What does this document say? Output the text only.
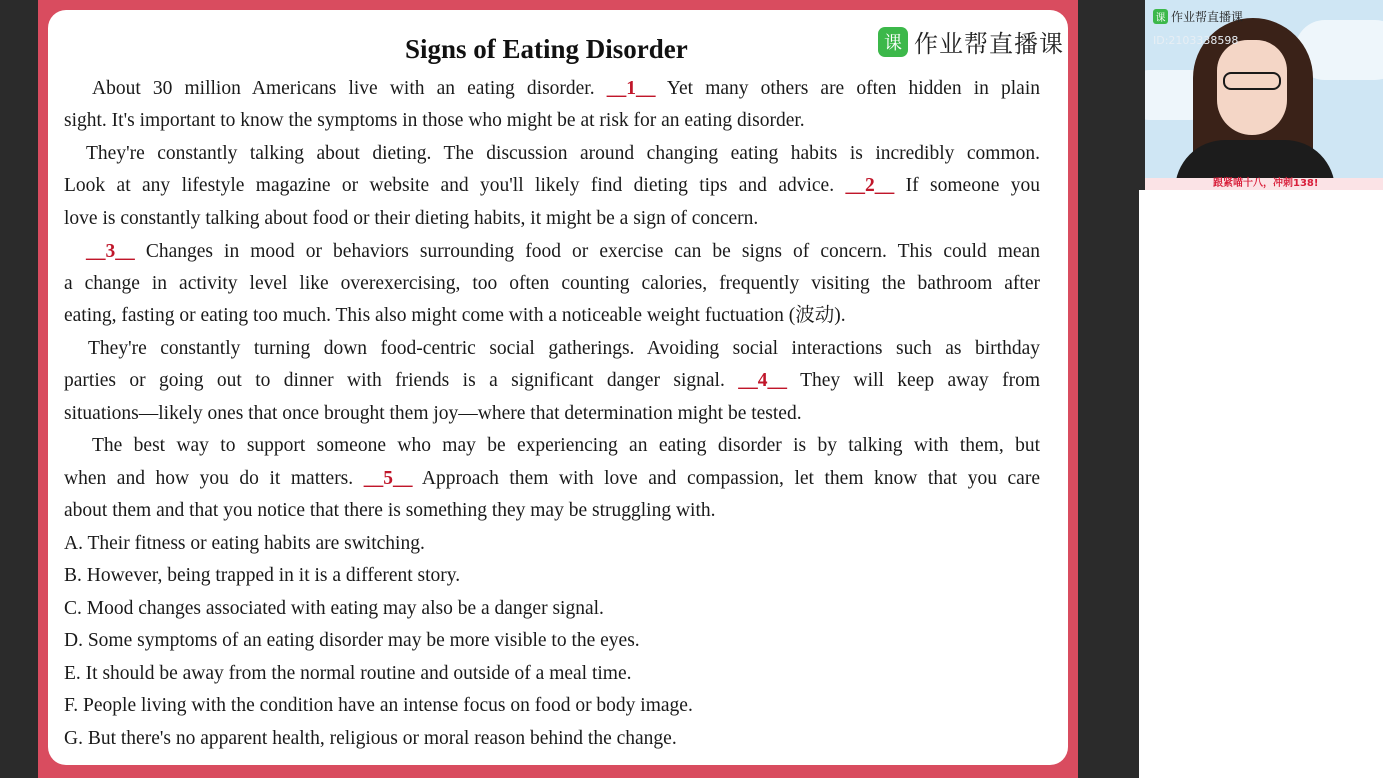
Signs of Eating Disorder	课 作业帮直播课
About 30 million Americans live with an eating disorder. __1__ Yet many others are often hidden in plain
sight. It's important to know the symptoms in those who might be at risk for an eating disorder.
They're constantly talking about dieting. The discussion around changing eating habits is incredibly common.
Look at any lifestyle magazine or website and you'll likely find dieting tips and advice. __2__ If someone you
love is constantly talking about food or their dieting habits, it might be a sign of concern.
__3__ Changes in mood or behaviors surrounding food or exercise can be signs of concern. This could mean
a change in activity level like overexercising, too often counting calories, frequently visiting the bathroom after
eating, fasting or eating too much. This also might come with a noticeable weight fuctuation (波动).
They're constantly turning down food-centric social gatherings. Avoiding social interactions such as birthday
parties or going out to dinner with friends is a significant danger signal. __4__ They will keep away from
situations—likely ones that once brought them joy—where that determination might be tested.
The best way to support someone who may be experiencing an eating disorder is by talking with them, but
when and how you do it matters. __5__ Approach them with love and compassion, let them know that you care
about them and that you notice that there is something they may be struggling with.
A. Their fitness or eating habits are switching.
B. However, being trapped in it is a different story.
C. Mood changes associated with eating may also be a danger signal.
D. Some symptoms of an eating disorder may be more visible to the eyes.
E. It should be away from the normal routine and outside of a meal time.
F. People living with the condition have an intense focus on food or body image.
G. But there's no apparent health, religious or moral reason behind the change.
跟紧喵十八，冲刺138!
课 作业帮直播课
ID:2103338598
